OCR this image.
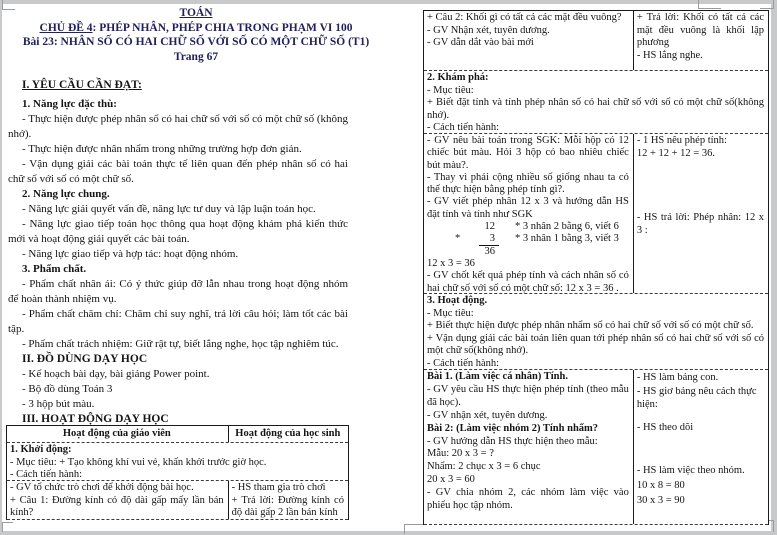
TOÁN
CHỦ ĐỀ 4: PHÉP NHÂN, PHÉP CHIA TRONG PHẠM VI 100
Bài 23: NHÂN SỐ CÓ HAI CHỮ SỐ VỚI SỐ CÓ MỘT CHỮ SỐ (T1)
Trang 67

I. YÊU CẦU CẦN ĐẠT:

1. Năng lực đặc thù:

- Thực hiện được phép nhân số có hai chữ số với số có một chữ số (không nhớ).

- Thực hiện được nhân nhẩm trong những trường hợp đơn giản.

- Vận dụng giải các bài toán thực tế liên quan đến phép nhân số có hai chữ số với số có một chữ số.

2. Năng lực chung.

- Năng lực giải quyết vấn đề, năng lực tư duy và lập luận toán học.

- Năng lực giao tiếp toán học thông qua hoạt động khám phá kiến thức mới và hoạt động giải quyết các bài toán.

- Năng lực giao tiếp và hợp tác: hoạt động nhóm.

3. Phẩm chất.

- Phẩm chất nhân ái: Có ý thức giúp đỡ lẫn nhau trong hoạt động nhóm để hoàn thành nhiệm vụ.

- Phẩm chất chăm chỉ: Chăm chỉ suy nghĩ, trả lời câu hỏi; làm tốt các bài tập.

- Phẩm chất trách nhiệm: Giữ rật tự, biết lắng nghe, học tập nghiêm túc.

II. ĐỒ DÙNG DẠY HỌC

- Kế hoạch bài dạy, bài giảng Power point.

- Bộ đồ dùng Toán 3

- 3 hộp bút màu.

III. HOẠT ĐỘNG DẠY HỌC

Hoạt động của giáo viên	Hoạt động của học sinh

1. Khởi động:

- Mục tiêu: + Tạo không khí vui vẻ, khấn khởi trước giờ học.

- Cách tiến hành:

- GV tổ chức trò chơi để khởi động bài học.

+ Câu 1: Đường kính có độ dài gấp mấy lần bán kính?

- HS tham gia trò chơi

+ Trả lời: Đường kính có độ dài gấp 2 lần bán kính

+ Câu 2: Khối gì có tất cả các mặt đều vuông?

- GV Nhận xét, tuyên dương.

- GV dẫn dắt vào bài mới

+ Trả lời: Khối có tất cả các mặt đều vuông là khối lập phương

- HS lắng nghe.

2. Khám phá:

- Mục tiêu:

+ Biết đặt tính và tính phép nhân số có hai chữ số với số có một chữ số(không nhớ).

- Cách tiến hành:

- GV nêu bài toán trong SGK: Mỗi hộp có 12 chiếc bút màu. Hỏi 3 hộp có bao nhiêu chiếc bút màu?.

- Thay vì phải cộng nhiều số giống nhau ta có thể thực hiện bằng phép tính gì?.

- GV viết phép nhân 12 x 3 và hướng dẫn HS đặt tính và tính như SGK

12
*	3
36
* 3 nhân 2 bằng 6, viết 6
* 3 nhân 1 bằng 3, viết 3

12 x 3 = 36

- GV chốt kết quả phép tính và cách nhân số có hai chữ số với số có một chữ số: 12 x 3 = 36 .

- 1 HS nêu phép tính:

12 + 12 + 12 = 36.

- HS trả lời: Phép nhân: 12 x 3 :

3. Hoạt động.

- Mục tiêu:

+ Biết thực hiện được phép nhân nhẩm số có hai chữ số với số có một chữ số.

+ Vận dụng giải các bài toán liên quan tới phép nhân số có hai chữ số với số có một chữ số(không nhớ).

- Cách tiến hành:

Bài 1. (Làm việc cá nhân) Tính.

- GV yêu cầu HS thực hiện phép tính (theo mẫu đã học).

- GV nhận xét, tuyên dương.

Bài 2: (Làm việc nhóm 2) Tính nhẩm?

- GV hướng dẫn HS thực hiện theo mẫu:

Mẫu: 20 x 3 = ?

Nhẩm: 2 chục x 3 = 6 chục

20 x 3 = 60

- GV chia nhóm 2, các nhóm làm việc vào phiếu học tập nhóm.

- HS làm bảng con.

- HS giơ bảng nêu cách thực hiện:

- HS theo dõi

- HS làm việc theo nhóm.

10 x 8 = 80

30 x 3 = 90
